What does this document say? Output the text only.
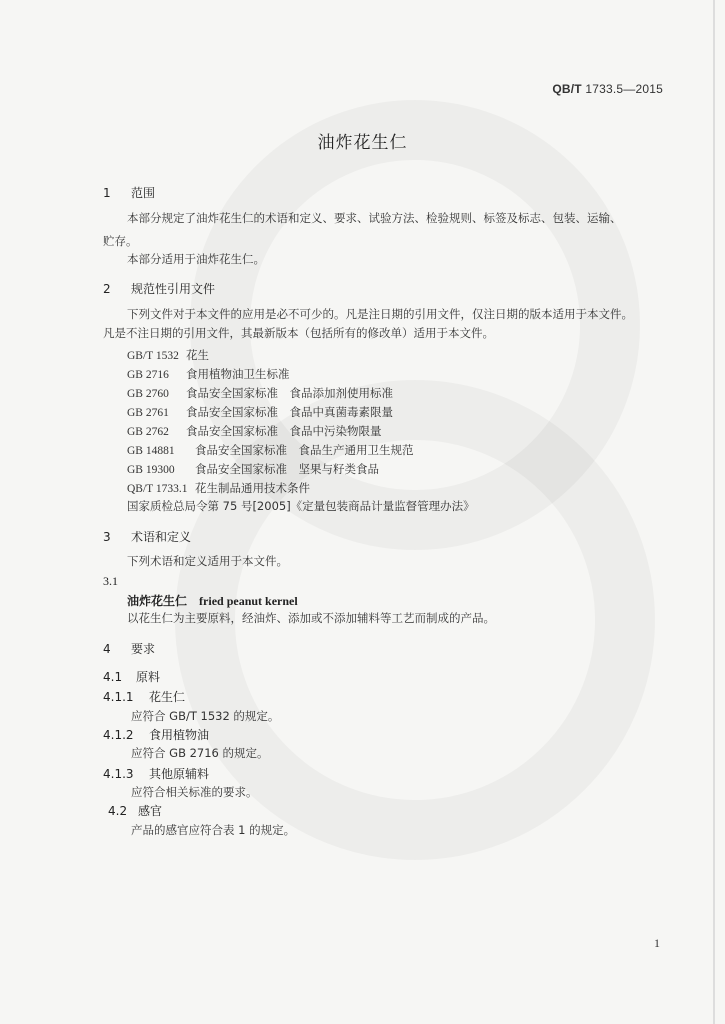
QB/T 1733.5—2015
油炸花生仁
1 范围
本部分规定了油炸花生仁的术语和定义、要求、试验方法、检验规则、标签及标志、包装、运输、
贮存。
本部分适用于油炸花生仁。
2 规范性引用文件
下列文件对于本文件的应用是必不可少的。凡是注日期的引用文件，仅注日期的版本适用于本文件。
凡是不注日期的引用文件，其最新版本（包括所有的修改单）适用于本文件。
GB/T 1532 花生
GB 2716 食用植物油卫生标准
GB 2760 食品安全国家标准　食品添加剂使用标准
GB 2761 食品安全国家标准　食品中真菌毒素限量
GB 2762 食品安全国家标准　食品中污染物限量
GB 14881 食品安全国家标准　食品生产通用卫生规范
GB 19300 食品安全国家标准　坚果与籽类食品
QB/T 1733.1 花生制品通用技术条件
国家质检总局令第 75 号[2005]《定量包装商品计量监督管理办法》
3 术语和定义
下列术语和定义适用于本文件。
3.1
油炸花生仁　 fried peanut kernel
以花生仁为主要原料，经油炸、添加或不添加辅料等工艺而制成的产品。
4 要求
4.1 原料
4.1.1 花生仁
应符合 GB/T 1532 的规定。
4.1.2 食用植物油
应符合 GB 2716 的规定。
4.1.3 其他原辅料
应符合相关标准的要求。
4.2 感官
产品的感官应符合表 1 的规定。
1
